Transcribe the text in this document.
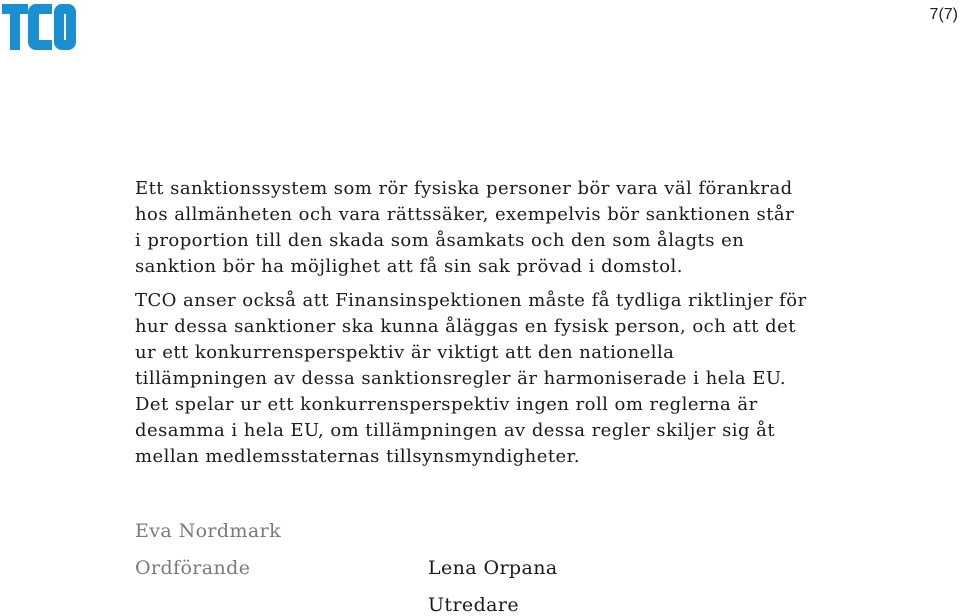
7(7)

Ett sanktionssystem som rör fysiska personer bör vara väl förankrad
hos allmänheten och vara rättssäker, exempelvis bör sanktionen står
i proportion till den skada som åsamkats och den som ålagts en
sanktion bör ha möjlighet att få sin sak prövad i domstol.

TCO anser också att Finansinspektionen måste få tydliga riktlinjer för
hur dessa sanktioner ska kunna åläggas en fysisk person, och att det
ur ett konkurrensperspektiv är viktigt att den nationella
tillämpningen av dessa sanktionsregler är harmoniserade i hela EU.
Det spelar ur ett konkurrensperspektiv ingen roll om reglerna är
desamma i hela EU, om tillämpningen av dessa regler skiljer sig åt
mellan medlemsstaternas tillsynsmyndigheter.

Eva Nordmark
Ordförande	Lena Orpana
Utredare
